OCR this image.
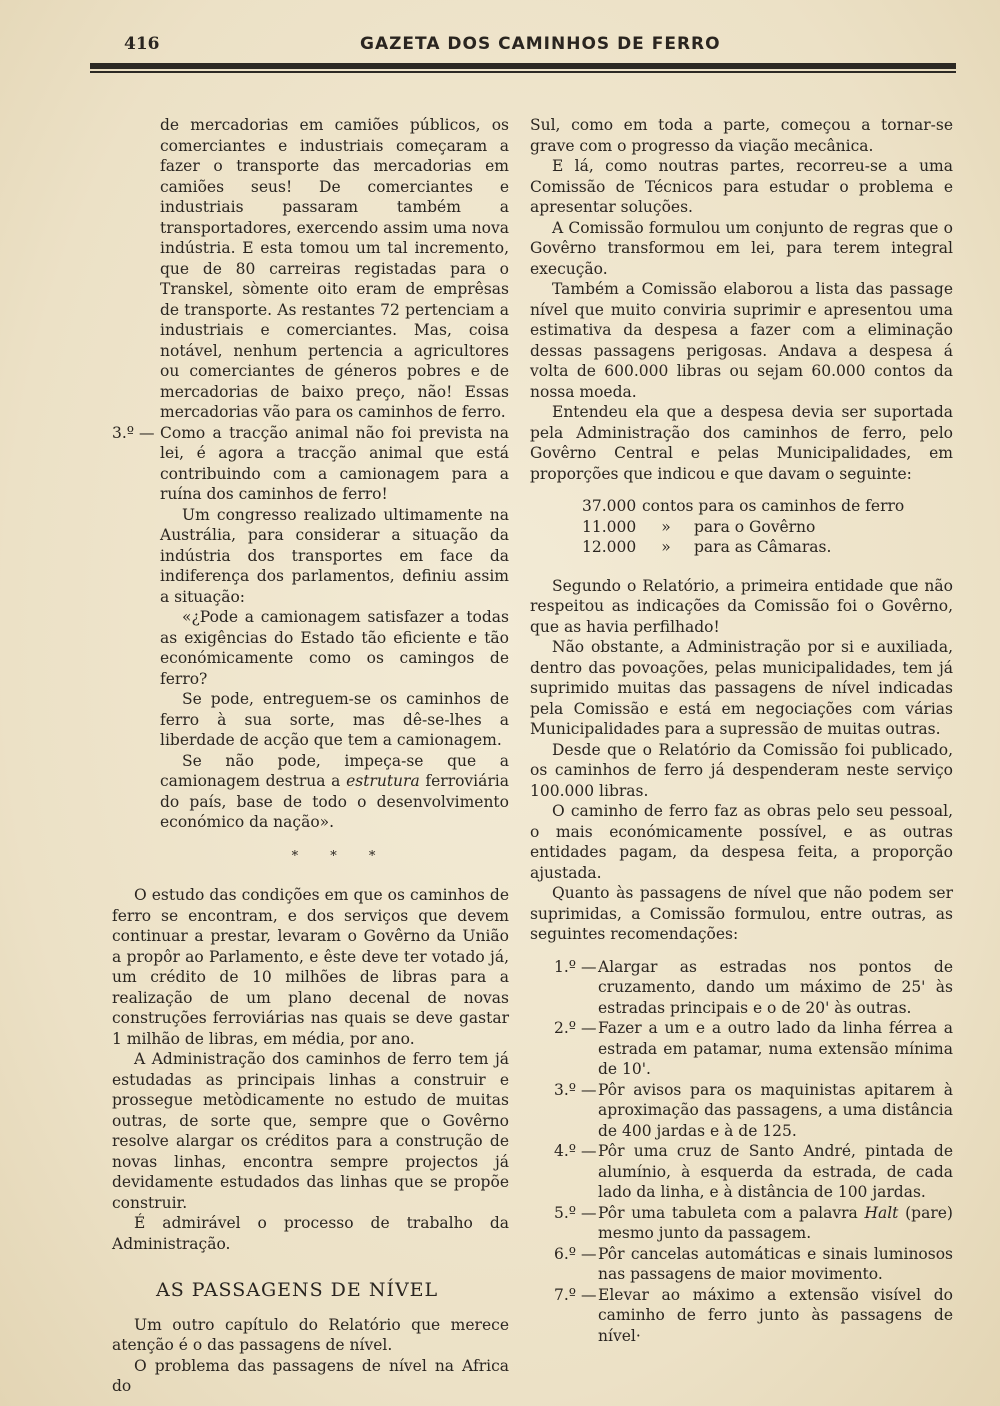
416	GAZETA DOS CAMINHOS DE FERRO

de mercadorias em camiões públicos, os comerciantes e industriais começaram a fazer o transporte das mercadorias em camiões seus! De comerciantes e industriais passaram também a transportadores, exercendo assim uma nova indústria. E esta tomou um tal incremento, que de 80 carreiras registadas para o Transkel, sòmente oito eram de emprêsas de transporte. As restantes 72 pertenciam a industriais e comerciantes. Mas, coisa notável, nenhum pertencia a agricultores ou comerciantes de géneros pobres e de mercadorias de baixo preço, não! Essas mercadorias vão para os caminhos de ferro.

3.º — Como a tracção animal não foi prevista na lei, é agora a tracção animal que está contribuindo com a camionagem para a ruína dos caminhos de ferro!

Um congresso realizado ultimamente na Austrália, para considerar a situação da indústria dos transportes em face da indiferença dos parlamentos, definiu assim a situação:

«¿Pode a camionagem satisfazer a todas as exigências do Estado tão eficiente e tão económicamente como os camingos de ferro?

Se pode, entreguem-se os caminhos de ferro à sua sorte, mas dê-se-lhes a liberdade de acção que tem a camionagem.

Se não pode, impeça-se que a camionagem destrua a estrutura ferroviária do país, base de todo o desenvolvimento económico da nação».

* * *

O estudo das condições em que os caminhos de ferro se encontram, e dos serviços que devem continuar a prestar, levaram o Govêrno da União a propôr ao Parlamento, e êste deve ter votado já, um crédito de 10 milhões de libras para a realização de um plano decenal de novas construções ferroviárias nas quais se deve gastar 1 milhão de libras, em média, por ano.

A Administração dos caminhos de ferro tem já estudadas as principais linhas a construir e prossegue metòdicamente no estudo de muitas outras, de sorte que, sempre que o Govêrno resolve alargar os créditos para a construção de novas linhas, encontra sempre projectos já devidamente estudados das linhas que se propõe construir.

É admirável o processo de trabalho da Administração.

AS PASSAGENS DE NÍVEL

Um outro capítulo do Relatório que merece atenção é o das passagens de nível.

O problema das passagens de nível na Africa do

Sul, como em toda a parte, começou a tornar-se grave com o progresso da viação mecânica.

E lá, como noutras partes, recorreu-se a uma Comissão de Técnicos para estudar o problema e apresentar soluções.

A Comissão formulou um conjunto de regras que o Govêrno transformou em lei, para terem integral execução.

Também a Comissão elaborou a lista das passage nível que muito conviria suprimir e apresentou uma estimativa da despesa a fazer com a eliminação dessas passagens perigosas. Andava a despesa á volta de 600.000 libras ou sejam 60.000 contos da nossa moeda.

Entendeu ela que a despesa devia ser suportada pela Administração dos caminhos de ferro, pelo Govêrno Central e pelas Municipalidades, em proporções que indicou e que davam o seguinte:

37.000 contos para os caminhos de ferro
11.000	»	para o Govêrno
12.000	»	para as Câmaras.

Segundo o Relatório, a primeira entidade que não respeitou as indicações da Comissão foi o Govêrno, que as havia perfilhado!

Não obstante, a Administração por si e auxiliada, dentro das povoações, pelas municipalidades, tem já suprimido muitas das passagens de nível indicadas pela Comissão e está em negociações com várias Municipalidades para a supressão de muitas outras.

Desde que o Relatório da Comissão foi publicado, os caminhos de ferro já despenderam neste serviço 100.000 libras.

O caminho de ferro faz as obras pelo seu pessoal, o mais económicamente possível, e as outras entidades pagam, da despesa feita, a proporção ajustada.

Quanto às passagens de nível que não podem ser suprimidas, a Comissão formulou, entre outras, as seguintes recomendações:

1.º — Alargar as estradas nos pontos de cruzamento, dando um máximo de 25' às estradas principais e o de 20' às outras.
2.º — Fazer a um e a outro lado da linha férrea a estrada em patamar, numa extensão mínima de 10'.
3.º — Pôr avisos para os maquinistas apitarem à aproximação das passagens, a uma distância de 400 jardas e à de 125.
4.º — Pôr uma cruz de Santo André, pintada de alumínio, à esquerda da estrada, de cada lado da linha, e à distância de 100 jardas.
5.º — Pôr uma tabuleta com a palavra Halt (pare) mesmo junto da passagem.
6.º — Pôr cancelas automáticas e sinais luminosos nas passagens de maior movimento.
7.º — Elevar ao máximo a extensão visível do caminho de ferro junto às passagens de nível·
